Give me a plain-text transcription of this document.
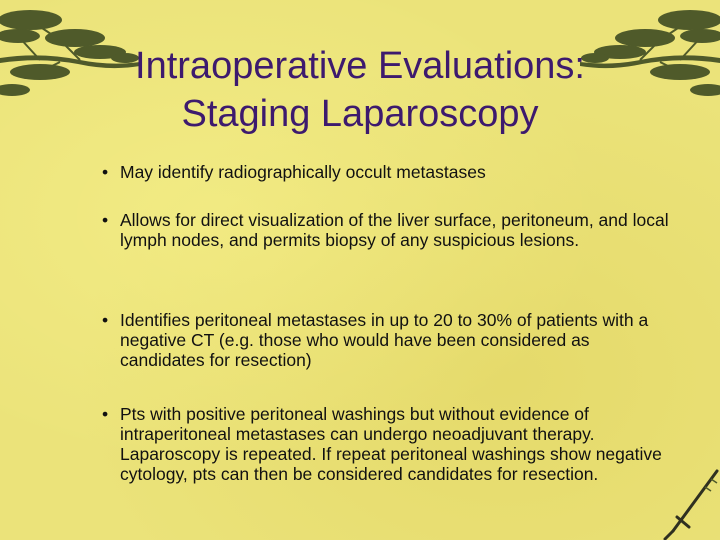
Intraoperative Evaluations:
Staging Laparoscopy
• May identify radiographically occult metastases
• Allows for direct visualization of the liver surface, peritoneum, and local lymph nodes, and permits biopsy of any suspicious lesions.
• Identifies peritoneal metastases in up to 20 to 30% of patients with a negative CT (e.g. those who would have been considered as candidates for resection)
• Pts with positive peritoneal washings but without evidence of intraperitoneal metastases can undergo neoadjuvant therapy. Laparoscopy is repeated. If repeat peritoneal washings show negative cytology, pts can then be considered candidates for resection.
